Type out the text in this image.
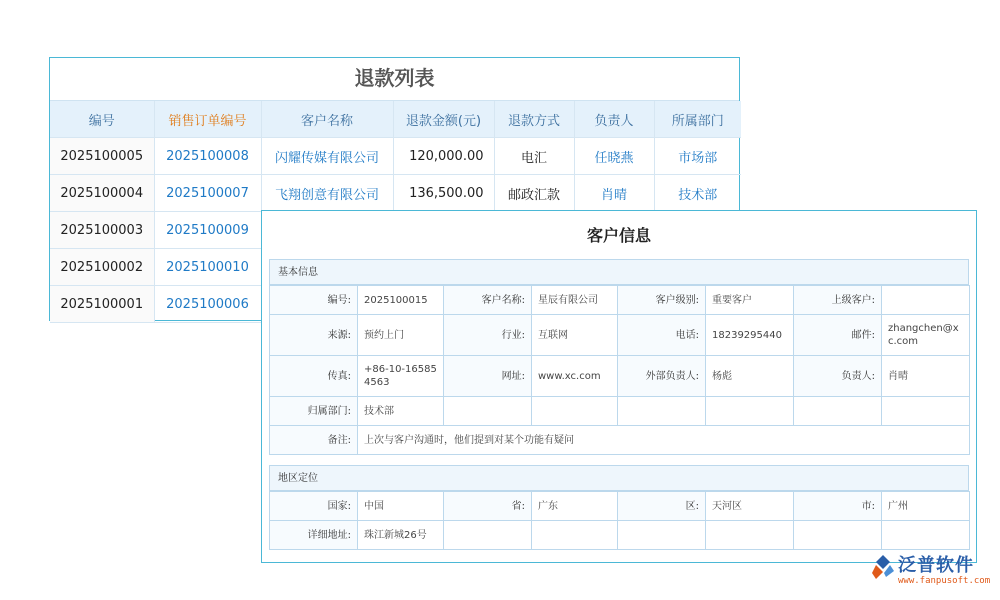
退款列表
编号	销售订单编号	客户名称	退款金额(元)	退款方式	负责人	所属部门
2025100005	2025100008	闪耀传媒有限公司	120,000.00	电汇	任晓燕	市场部
2025100004	2025100007	飞翔创意有限公司	136,500.00	邮政汇款	肖晴	技术部
2025100003	2025100009					
2025100002	2025100010					
2025100001	2025100006					
客户信息
基本信息
编号:	2025100015	客户名称:	星辰有限公司	客户级别:	重要客户	上级客户:	
来源:	预约上门	行业:	互联网	电话:	18239295440	邮件:	zhangchen@xc.com
传真:	+86-10-165854563	网址:	www.xc.com	外部负责人:	杨彪	负责人:	肖晴
归属部门:	技术部						
备注:	上次与客户沟通时，他们提到对某个功能有疑问						
地区定位
国家:	中国	省:	广东	区:	天河区	市:	广州
详细地址:	珠江新城26号						
泛普软件
www.fanpusoft.com
